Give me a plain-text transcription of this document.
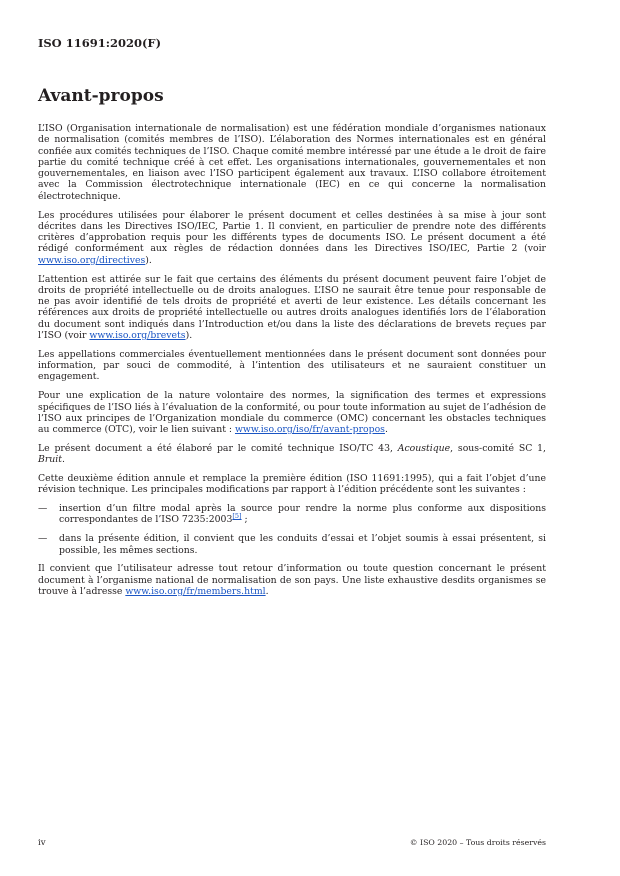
ISO 11691:2020(F)
Avant-propos

L’ISO (Organisation internationale de normalisation) est une fédération mondiale d’organismes nationaux de normalisation (comités membres de l’ISO). L’élaboration des Normes internationales est en général confiée aux comités techniques de l’ISO. Chaque comité membre intéressé par une étude a le droit de faire partie du comité technique créé à cet effet. Les organisations internationales, gouvernementales et non gouvernementales, en liaison avec l’ISO participent également aux travaux. L’ISO collabore étroitement avec la Commission électrotechnique internationale (IEC) en ce qui concerne la normalisation électrotechnique.

Les procédures utilisées pour élaborer le présent document et celles destinées à sa mise à jour sont décrites dans les Directives ISO/IEC, Partie 1. Il convient, en particulier de prendre note des différents critères d’approbation requis pour les différents types de documents ISO. Le présent document a été rédigé conformément aux règles de rédaction données dans les Directives ISO/IEC, Partie 2 (voir www.iso.org/directives).

L’attention est attirée sur le fait que certains des éléments du présent document peuvent faire l’objet de droits de propriété intellectuelle ou de droits analogues. L’ISO ne saurait être tenue pour responsable de ne pas avoir identifié de tels droits de propriété et averti de leur existence. Les détails concernant les références aux droits de propriété intellectuelle ou autres droits analogues identifiés lors de l’élaboration du document sont indiqués dans l’Introduction et/ou dans la liste des déclarations de brevets reçues par l’ISO (voir www.iso.org/brevets).

Les appellations commerciales éventuellement mentionnées dans le présent document sont données pour information, par souci de commodité, à l’intention des utilisateurs et ne sauraient constituer un engagement.

Pour une explication de la nature volontaire des normes, la signification des termes et expressions spécifiques de l’ISO liés à l’évaluation de la conformité, ou pour toute information au sujet de l’adhésion de l’ISO aux principes de l’Organization mondiale du commerce (OMC) concernant les obstacles techniques au commerce (OTC), voir le lien suivant : www.iso.org/iso/fr/avant-propos.

Le présent document a été élaboré par le comité technique ISO/TC 43, Acoustique, sous-comité SC 1, Bruit.

Cette deuxième édition annule et remplace la première édition (ISO 11691:1995), qui a fait l’objet d’une révision technique. Les principales modifications par rapport à l’édition précédente sont les suivantes :

— insertion d’un filtre modal après la source pour rendre la norme plus conforme aux dispositions correspondantes de l’ISO 7235:2003[5] ;
— dans la présente édition, il convient que les conduits d’essai et l’objet soumis à essai présentent, si possible, les mêmes sections.

Il convient que l’utilisateur adresse tout retour d’information ou toute question concernant le présent document à l’organisme national de normalisation de son pays. Une liste exhaustive desdits organismes se trouve à l’adresse www.iso.org/fr/members.html.

iv	© ISO 2020 – Tous droits réservés
